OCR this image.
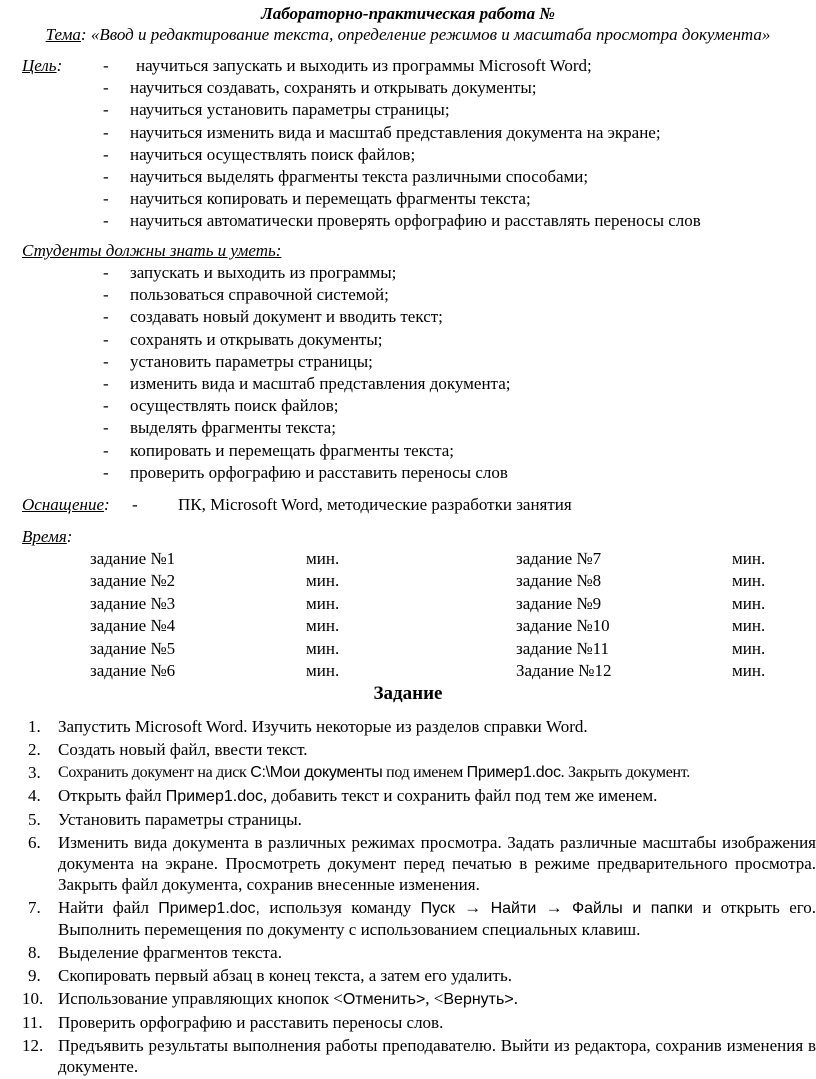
Лабораторно-практическая работа №
Тема: «Ввод и редактирование текста, определение режимов и масштаба просмотра документа»
Цель: - научиться запускать и выходить из программы Microsoft Word;
- научиться создавать, сохранять и открывать документы;
- научиться установить параметры страницы;
- научиться изменить вида и масштаб представления документа на экране;
- научиться осуществлять поиск файлов;
- научиться выделять фрагменты текста различными способами;
- научиться копировать и перемещать фрагменты текста;
- научиться автоматически проверять орфографию и расставлять переносы слов
Студенты должны знать и уметь:
- запускать и выходить из программы;
- пользоваться справочной системой;
- создавать новый документ и вводить текст;
- сохранять и открывать документы;
- установить параметры страницы;
- изменить вида и масштаб представления документа;
- осуществлять поиск файлов;
- выделять фрагменты текста;
- копировать и перемещать фрагменты текста;
- проверить орфографию и расставить переносы слов
Оснащение: - ПК, Microsoft Word, методические разработки занятия
Время:
задание №1	мин.	задание №7	мин.
задание №2	мин.	задание №8	мин.
задание №3	мин.	задание №9	мин.
задание №4	мин.	задание №10	мин.
задание №5	мин.	задание №11	мин.
задание №6	мин.	Задание №12	мин.
Задание
1.	Запустить Microsoft Word. Изучить некоторые из разделов справки Word.
2.	Создать новый файл, ввести текст.
3.	Сохранить документ на диск C:\Мои документы под именем Пример1.doc. Закрыть документ.
4.	Открыть файл Пример1.doc, добавить текст и сохранить файл под тем же именем.
5.	Установить параметры страницы.
6.	Изменить вида документа в различных режимах просмотра. Задать различные масштабы изображения документа на экране. Просмотреть документ перед печатью в режиме предварительного просмотра. Закрыть файл документа, сохранив внесенные изменения.
7.	Найти файл Пример1.doc, используя команду Пуск → Найти → Файлы и папки и открыть его. Выполнить перемещения по документу с использованием специальных клавиш.
8.	Выделение фрагментов текста.
9.	Скопировать первый абзац в конец текста, а затем его удалить.
10. Использование управляющих кнопок <Отменить>, <Вернуть>.
11. Проверить орфографию и расставить переносы слов.
12. Предъявить результаты выполнения работы преподавателю. Выйти из редактора, сохранив изменения в документе.
